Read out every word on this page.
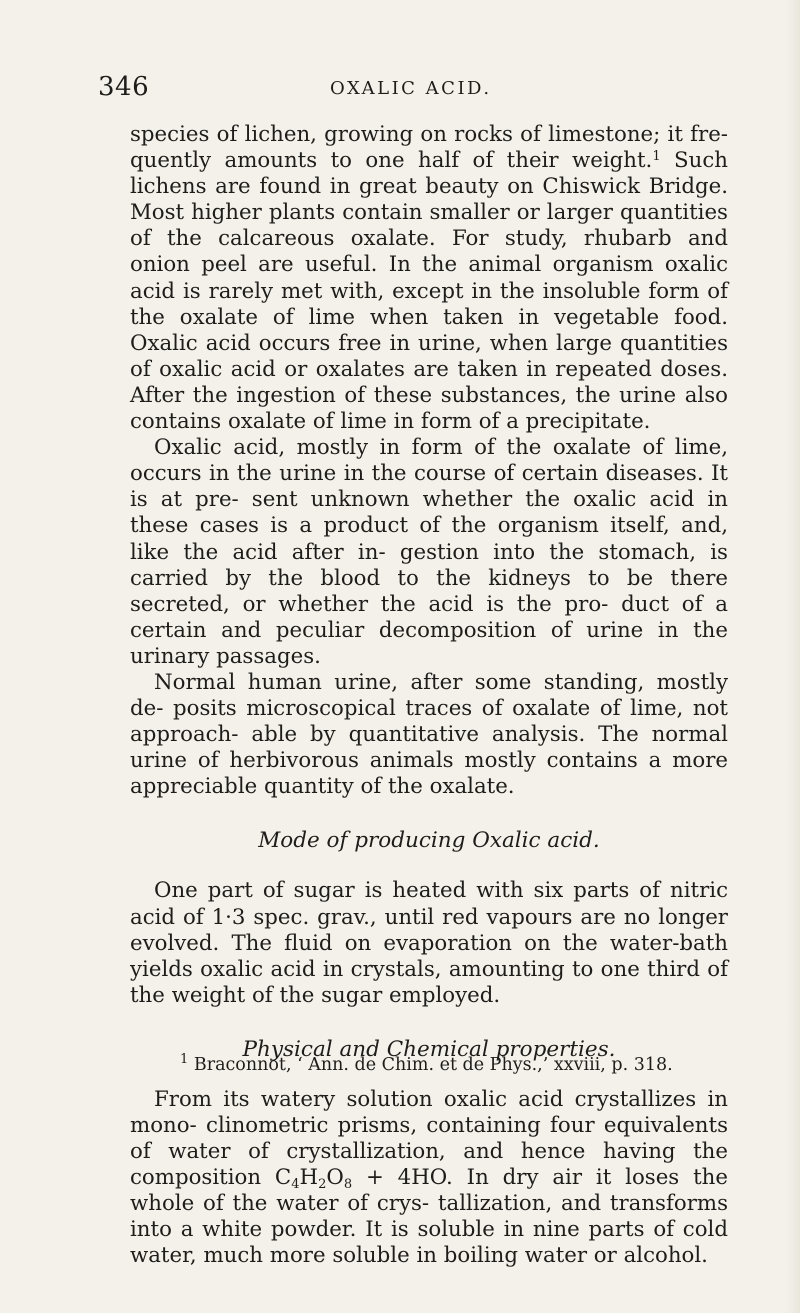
346	OXALIC ACID.

species of lichen, growing on rocks of limestone; it fre- quently amounts to one half of their weight.$^1$ Such lichens are found in great beauty on Chiswick Bridge. Most higher plants contain smaller or larger quantities of the calcareous oxalate. For study, rhubarb and onion peel are useful. In the animal organism oxalic acid is rarely met with, except in the insoluble form of the oxalate of lime when taken in vegetable food. Oxalic acid occurs free in urine, when large quantities of oxalic acid or oxalates are taken in repeated doses. After the ingestion of these substances, the urine also contains oxalate of lime in form of a precipitate.

Oxalic acid, mostly in form of the oxalate of lime, occurs in the urine in the course of certain diseases. It is at pre- sent unknown whether the oxalic acid in these cases is a product of the organism itself, and, like the acid after in- gestion into the stomach, is carried by the blood to the kidneys to be there secreted, or whether the acid is the pro- duct of a certain and peculiar decomposition of urine in the urinary passages.

Normal human urine, after some standing, mostly de- posits microscopical traces of oxalate of lime, not approach- able by quantitative analysis. The normal urine of herbivorous animals mostly contains a more appreciable quantity of the oxalate.

Mode of producing Oxalic acid.

One part of sugar is heated with six parts of nitric acid of 1·3 spec. grav., until red vapours are no longer evolved. The fluid on evaporation on the water-bath yields oxalic acid in crystals, amounting to one third of the weight of the sugar employed.

Physical and Chemical properties.

From its watery solution oxalic acid crystallizes in mono- clinometric prisms, containing four equivalents of water of crystallization, and hence having the composition $C_4H_2O_8 + 4HO$. In dry air it loses the whole of the water of crys- tallization, and transforms into a white powder. It is soluble in nine parts of cold water, much more soluble in boiling water or alcohol.

$^1$ Braconnot, ‘ Ann. de Chim. et de Phys.,’ xxviii, p. 318.
